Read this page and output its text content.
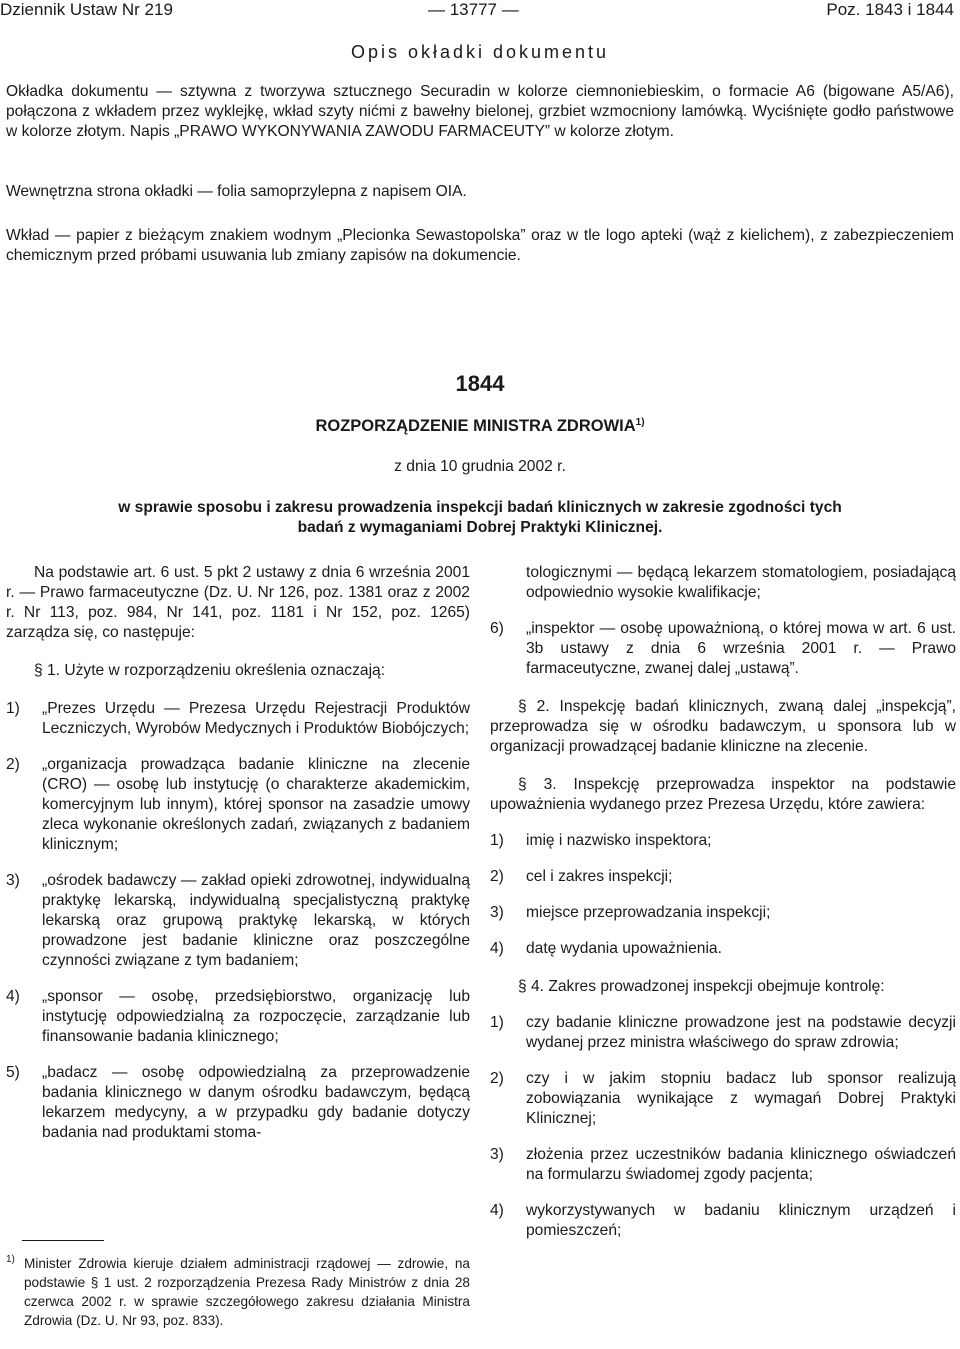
Dziennik Ustaw Nr 219	— 13777 —	Poz. 1843 i 1844
Opis okładki dokumentu
Okładka dokumentu — sztywna z tworzywa sztucznego Securadin w kolorze ciemnoniebieskim, o formacie A6 (bigowane A5/A6), połączona z wkładem przez wyklejkę, wkład szyty nićmi z bawełny bielonej, grzbiet wzmocniony lamówką. Wyciśnięte godło państwowe w kolorze złotym. Napis „PRAWO WYKONYWANIA ZAWODU FARMACEUTY” w kolorze złotym.
Wewnętrzna strona okładki — folia samoprzylepna z napisem OIA.
Wkład — papier z bieżącym znakiem wodnym „Plecionka Sewastopolska” oraz w tle logo apteki (wąż z kielichem), z zabezpieczeniem chemicznym przed próbami usuwania lub zmiany zapisów na dokumencie.
1844
ROZPORZĄDZENIE MINISTRA ZDROWIA$^{1)}$
z dnia 10 grudnia 2002 r.
w sprawie sposobu i zakresu prowadzenia inspekcji badań klinicznych w zakresie zgodności tych badań z wymaganiami Dobrej Praktyki Klinicznej.
Na podstawie art. 6 ust. 5 pkt 2 ustawy z dnia 6 września 2001 r. — Prawo farmaceutyczne (Dz. U. Nr 126, poz. 1381 oraz z 2002 r. Nr 113, poz. 984, Nr 141, poz. 1181 i Nr 152, poz. 1265) zarządza się, co następuje:
§ 1. Użyte w rozporządzeniu określenia oznaczają:
1) „Prezes Urzędu — Prezesa Urzędu Rejestracji Produktów Leczniczych, Wyrobów Medycznych i Produktów Biobójczych;
2) „organizacja prowadząca badanie kliniczne na zlecenie (CRO) — osobę lub instytucję (o charakterze akademickim, komercyjnym lub innym), której sponsor na zasadzie umowy zleca wykonanie określonych zadań, związanych z badaniem klinicznym;
3) „ośrodek badawczy — zakład opieki zdrowotnej, indywidualną praktykę lekarską, indywidualną specjalistyczną praktykę lekarską oraz grupową praktykę lekarską, w których prowadzone jest badanie kliniczne oraz poszczególne czynności związane z tym badaniem;
4) „sponsor — osobę, przedsiębiorstwo, organizację lub instytucję odpowiedzialną za rozpoczęcie, zarządzanie lub finansowanie badania klinicznego;
5) „badacz — osobę odpowiedzialną za przeprowadzenie badania klinicznego w danym ośrodku badawczym, będącą lekarzem medycyny, a w przypadku gdy badanie dotyczy badania nad produktami stoma-
1) Minister Zdrowia kieruje działem administracji rządowej — zdrowie, na podstawie § 1 ust. 2 rozporządzenia Prezesa Rady Ministrów z dnia 28 czerwca 2002 r. w sprawie szczegółowego zakresu działania Ministra Zdrowia (Dz. U. Nr 93, poz. 833).
tologicznymi — będącą lekarzem stomatologiem, posiadającą odpowiednio wysokie kwalifikacje;
6) „inspektor — osobę upoważnioną, o której mowa w art. 6 ust. 3b ustawy z dnia 6 września 2001 r. — Prawo farmaceutyczne, zwanej dalej „ustawą”.
§ 2. Inspekcję badań klinicznych, zwaną dalej „inspekcją”, przeprowadza się w ośrodku badawczym, u sponsora lub w organizacji prowadzącej badanie kliniczne na zlecenie.
§ 3. Inspekcję przeprowadza inspektor na podstawie upoważnienia wydanego przez Prezesa Urzędu, które zawiera:
1) imię i nazwisko inspektora;
2) cel i zakres inspekcji;
3) miejsce przeprowadzania inspekcji;
4) datę wydania upoważnienia.
§ 4. Zakres prowadzonej inspekcji obejmuje kontrolę:
1) czy badanie kliniczne prowadzone jest na podstawie decyzji wydanej przez ministra właściwego do spraw zdrowia;
2) czy i w jakim stopniu badacz lub sponsor realizują zobowiązania wynikające z wymagań Dobrej Praktyki Klinicznej;
3) złożenia przez uczestników badania klinicznego oświadczeń na formularzu świadomej zgody pacjenta;
4) wykorzystywanych w badaniu klinicznym urządzeń i pomieszczeń;
